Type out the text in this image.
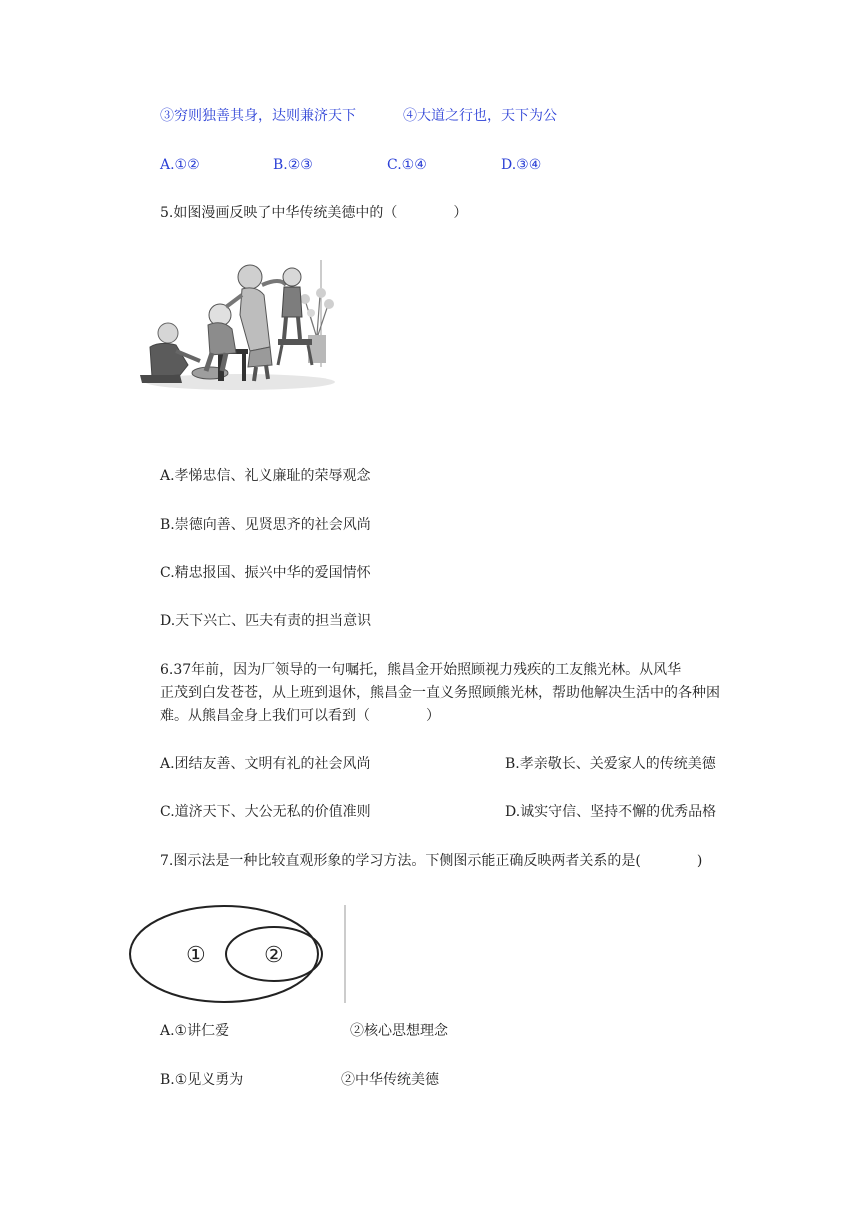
③穷则独善其身，达则兼济天下	④大道之行也，天下为公
A.①②	B.②③	C.①④	D.③④
5.如图漫画反映了中华传统美德中的（　　　　）
A.孝悌忠信、礼义廉耻的荣辱观念
B.崇德向善、见贤思齐的社会风尚
C.精忠报国、振兴中华的爱国情怀
D.天下兴亡、匹夫有责的担当意识
6.37年前，因为厂领导的一句嘱托，熊昌金开始照顾视力残疾的工友熊光林。从风华
正茂到白发苍苍，从上班到退休，熊昌金一直义务照顾熊光林，帮助他解决生活中的各种困
难。从熊昌金身上我们可以看到（　　　　）
A.团结友善、文明有礼的社会风尚	B.孝亲敬长、关爱家人的传统美德
C.道济天下、大公无私的价值准则	D.诚实守信、坚持不懈的优秀品格
7.图示法是一种比较直观形象的学习方法。下侧图示能正确反映两者关系的是(　　　　)
①	②
A.①讲仁爱	②核心思想理念
B.①见义勇为	②中华传统美德
